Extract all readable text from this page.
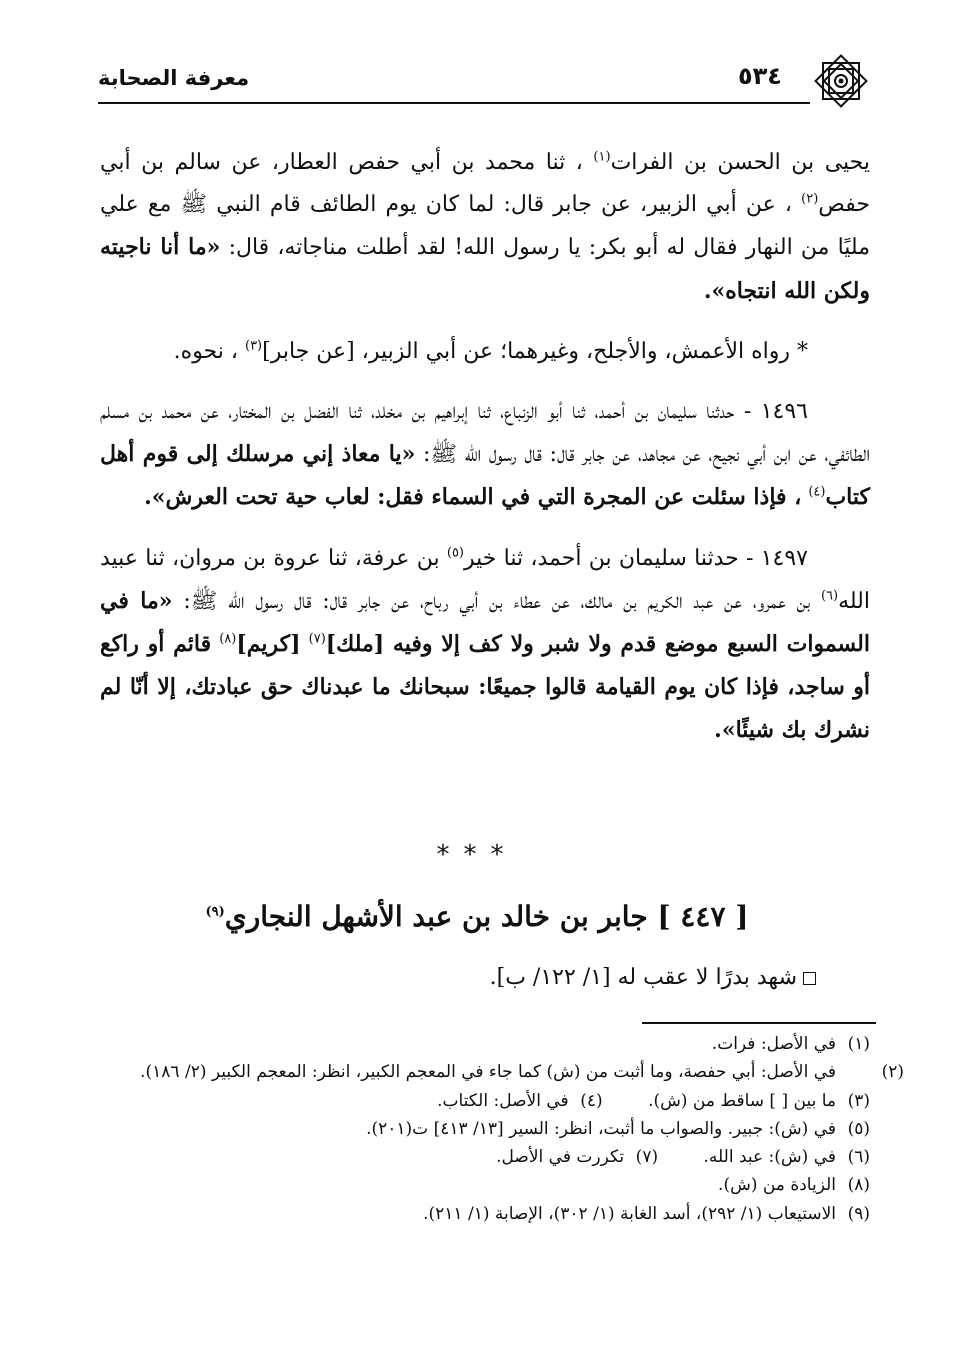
معرفة الصحابة	٥٣٤

يحيى بن الحسن بن الفرات$^{(١)}$ ، ثنا محمد بن أبي حفص العطار، عن سالم بن أبي حفص$^{(٢)}$ ، عن أبي الزبير، عن جابر قال: لما كان يوم الطائف قام النبي ﷺ مع علي مليًا من النهار فقال له أبو بكر: يا رسول الله! لقد أطلت مناجاته، قال: «ما أنا ناجيته ولكن الله انتجاه».

* رواه الأعمش، والأجلح، وغيرهما؛ عن أبي الزبير، [عن جابر]$^{(٣)}$ ، نحوه.

١٤٩٦ - حدثنا سليمان بن أحمد، ثنا أبو الزنباع، ثنا إبراهيم بن مخلد، ثنا الفضل بن المختار، عن محمد بن مسلم الطائفي، عن ابن أبي نجيح، عن مجاهد، عن جابر قال: قال رسول الله ﷺ: «يا معاذ إني مرسلك إلى قوم أهل كتاب$^{(٤)}$ ، فإذا سئلت عن المجرة التي في السماء فقل: لعاب حية تحت العرش».

١٤٩٧ - حدثنا سليمان بن أحمد، ثنا خير$^{(٥)}$ بن عرفة، ثنا عروة بن مروان، ثنا عبيد الله$^{(٦)}$ بن عمرو، عن عبد الكريم بن مالك، عن عطاء بن أبي رباح، عن جابر قال: قال رسول الله ﷺ: «ما في السموات السبع موضع قدم ولا شبر ولا كف إلا وفيه [ملك]$^{(٧)}$ [كريم]$^{(٨)}$ قائم أو راكع أو ساجد، فإذا كان يوم القيامة قالوا جميعًا: سبحانك ما عبدناك حق عبادتك، إلا أنّا لم نشرك بك شيئًا».

***
[ ٤٤٧ ] جابر بن خالد بن عبد الأشهل النجاري$^{(٩)}$
شهد بدرًا لا عقب له [١/ ١٢٢/ ب].

(١)في الأصل: فرات.

(٢)في الأصل: أبي حفصة، وما أثبت من (ش) كما جاء في المعجم الكبير، انظر: المعجم الكبير (٢/ ١٨٦).

(٣)ما بين [ ] ساقط من (ش). (٤)في الأصل: الكتاب.

(٥)في (ش): جبير. والصواب ما أثبت، انظر: السير [١٣/ ٤١٣] ت(٢٠١).

(٦)في (ش): عبد الله. (٧)تكررت في الأصل.

(٨)الزيادة من (ش).

(٩)الاستيعاب (١/ ٢٩٢)، أسد الغابة (١/ ٣٠٢)، الإصابة (١/ ٢١١).
